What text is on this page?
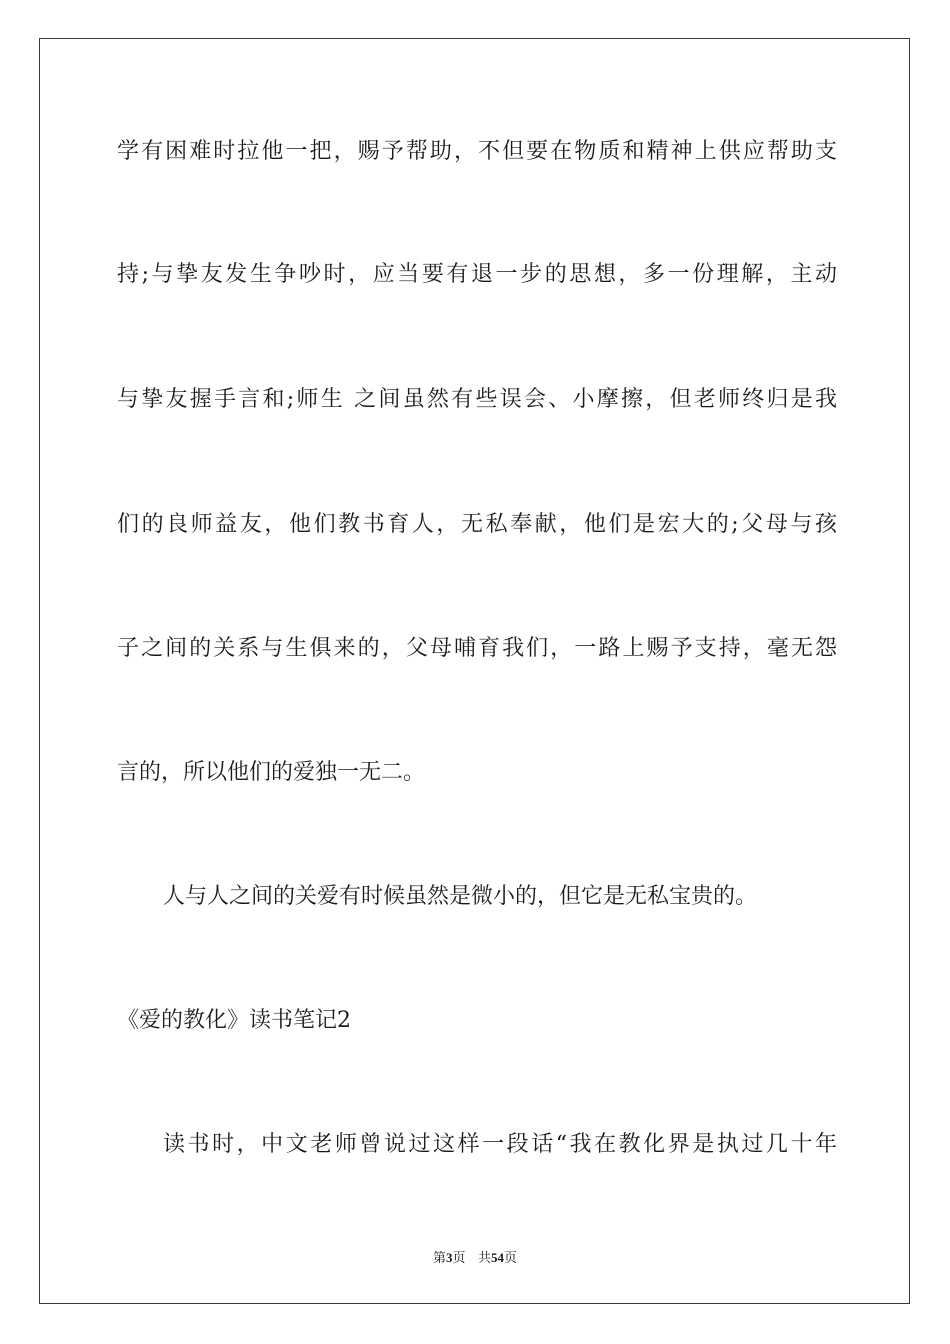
学有困难时拉他一把，赐予帮助，不但要在物质和精神上供应帮助支

持;与挚友发生争吵时，应当要有退一步的思想，多一份理解，主动

与挚友握手言和;师生 之间虽然有些误会、小摩擦，但老师终归是我

们的良师益友，他们教书育人，无私奉献，他们是宏大的;父母与孩

子之间的关系与生俱来的，父母哺育我们，一路上赐予支持，毫无怨

言的，所以他们的爱独一无二。

人与人之间的关爱有时候虽然是微小的，但它是无私宝贵的。

《爱的教化》读书笔记2

读书时，中文老师曾说过这样一段话“我在教化界是执过几十年

第3页 共54页
